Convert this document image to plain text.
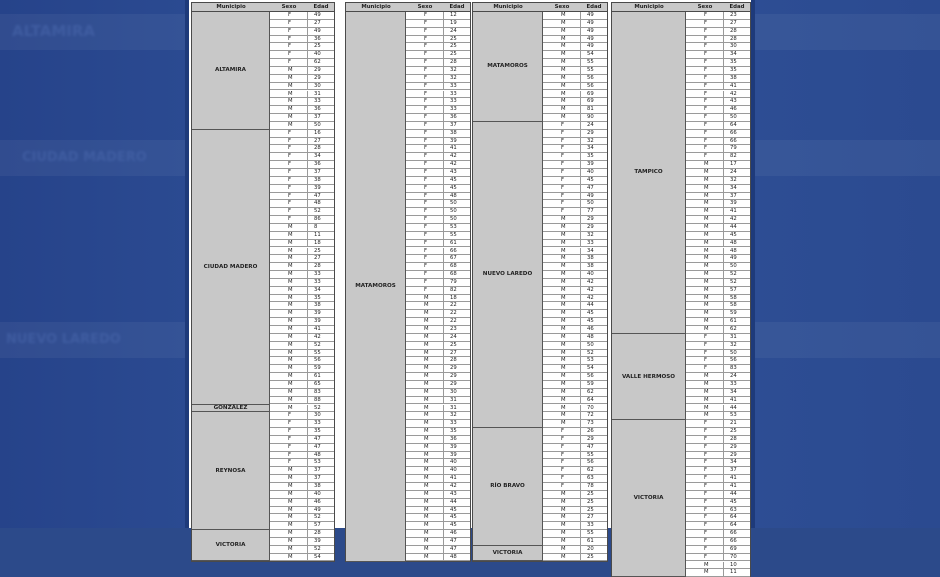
ALTAMIRA
CIUDAD MADERO
NUEVO LAREDO
Municipio	Sexo	Edad
ALTAMIRA
F	49
F	27
F	49
F	36
F	25
F	40
F	62
M	29
M	29
M	30
M	31
M	33
M	36
M	37
M	50
CIUDAD MADERO
F	16
F	27
F	28
F	34
F	36
F	37
F	38
F	39
F	47
F	48
F	52
F	86
M	8
M	11
M	18
M	25
M	27
M	28
M	33
M	33
M	34
M	35
M	38
M	39
M	39
M	41
M	42
M	52
M	55
M	56
M	59
M	61
M	65
M	83
M	88
GONZÁLEZ	M	52
REYNOSA
F	30
F	33
F	35
F	47
F	47
F	48
F	53
M	37
M	37
M	38
M	40
M	46
M	49
M	52
M	57
VICTORIA
M	28
M	39
M	52
M	54
Municipio	Sexo	Edad
MATAMOROS
F	12
F	19
F	24
F	25
F	25
F	25
F	28
F	32
F	32
F	33
F	33
F	33
F	33
F	36
F	37
F	38
F	39
F	41
F	42
F	42
F	43
F	45
F	45
F	48
F	50
F	50
F	50
F	53
F	55
F	61
F	66
F	67
F	68
F	68
F	79
F	82
M	18
M	22
M	22
M	22
M	23
M	24
M	25
M	27
M	28
M	29
M	29
M	29
M	30
M	31
M	31
M	32
M	33
M	35
M	36
M	39
M	39
M	40
M	40
M	41
M	42
M	43
M	44
M	45
M	45
M	45
M	46
M	47
M	47
M	48
Municipio	Sexo	Edad
MATAMOROS
M	49
M	49
M	49
M	49
M	49
M	54
M	55
M	55
M	56
M	56
M	69
M	69
M	81
M	90
NUEVO LAREDO
F	24
F	29
F	32
F	34
F	35
F	39
F	40
F	45
F	47
F	49
F	50
F	77
M	29
M	29
M	32
M	33
M	34
M	38
M	38
M	40
M	42
M	42
M	42
M	44
M	45
M	45
M	46
M	48
M	50
M	52
M	53
M	54
M	56
M	59
M	62
M	64
M	70
M	72
M	73
RÍO BRAVO
F	26
F	29
F	47
F	55
F	56
F	62
F	63
F	78
M	25
M	25
M	25
M	27
M	33
M	55
M	61
VICTORIA
M	20
M	25
Municipio	Sexo	Edad
TAMPICO
F	23
F	27
F	28
F	28
F	30
F	34
F	35
F	35
F	38
F	41
F	42
F	43
F	46
F	50
F	64
F	66
F	66
F	79
F	82
M	17
M	24
M	32
M	34
M	37
M	39
M	41
M	42
M	44
M	45
M	48
M	48
M	49
M	50
M	52
M	52
M	57
M	58
M	58
M	59
M	61
M	62
VALLE HERMOSO
F	31
F	32
F	50
F	56
F	83
M	24
M	33
M	34
M	41
M	44
M	53
VICTORIA
F	21
F	25
F	28
F	29
F	29
F	34
F	37
F	41
F	41
F	44
F	45
F	63
F	64
F	64
F	66
F	66
F	69
F	70
M	10
M	11
